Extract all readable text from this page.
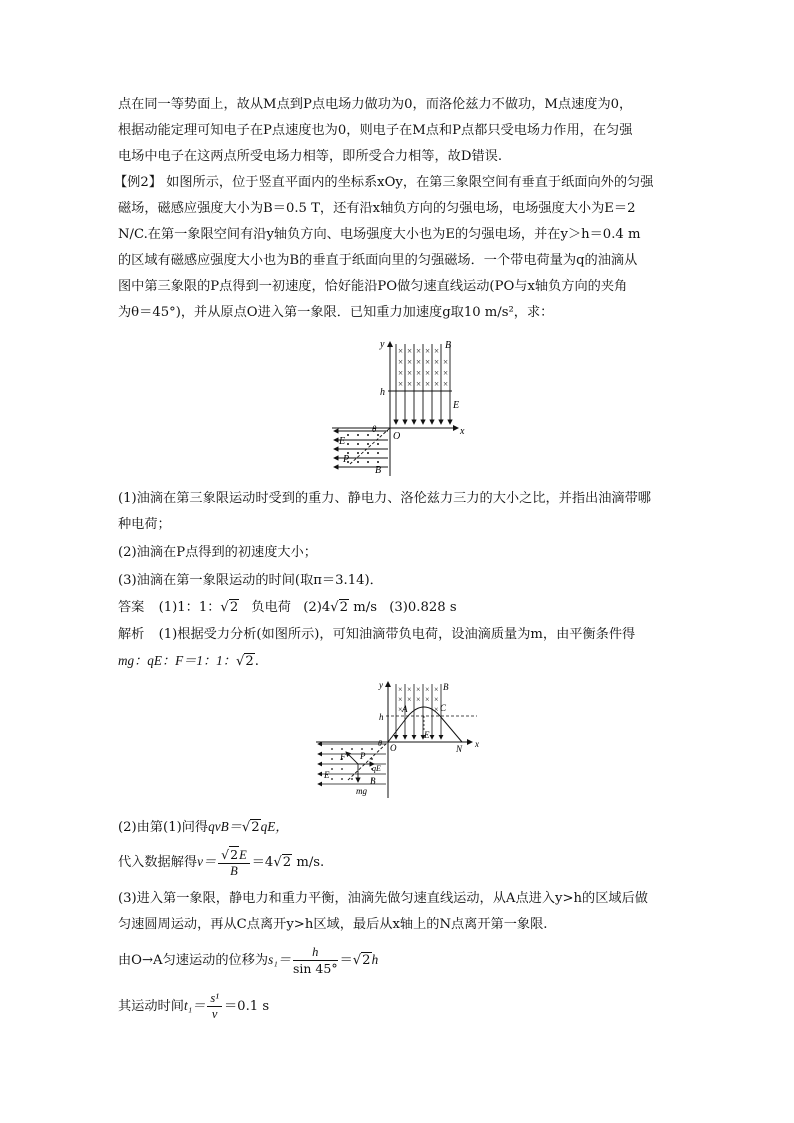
点在同一等势面上，故从M点到P点电场力做功为0，而洛伦兹力不做功，M点速度为0，
根据动能定理可知电子在P点速度也为0，则电子在M点和P点都只受电场力作用，在匀强
电场中电子在这两点所受电场力相等，即所受合力相等，故D错误.
【例2】 如图所示，位于竖直平面内的坐标系xOy，在第三象限空间有垂直于纸面向外的匀强
磁场，磁感应强度大小为B＝0.5 T，还有沿x轴负方向的匀强电场，电场强度大小为E＝2
N/C.在第一象限空间有沿y轴负方向、电场强度大小也为E的匀强电场，并在y＞h＝0.4 m
的区域有磁感应强度大小也为B的垂直于纸面向里的匀强磁场．一个带电荷量为q的油滴从
图中第三象限的P点得到一初速度，恰好能沿PO做匀速直线运动(PO与x轴负方向的夹角
为θ＝45°)，并从原点O进入第一象限．已知重力加速度g取10 m/s²，求：
× × × × ×
× × × × × ×
× × × × × ×
× × × × × ×
y
x
O
h
B
E
E
B
P
θ
(1)油滴在第三象限运动时受到的重力、静电力、洛伦兹力三力的大小之比，并指出油滴带哪
种电荷；
(2)油滴在P点得到的初速度大小；
(3)油滴在第一象限运动的时间(取π＝3.14)．
答案 (1)1：1：√2 负电荷 (2)4√2 m/s (3)0.828 s
解析 (1)根据受力分析(如图所示)，可知油滴带负电荷，设油滴质量为m，由平衡条件得
mg：qE：F＝1：1：√2.
× × × × ×
× × × × ×
×	×
y
x
O
h
B
A	C
E
N
F P
qE
E
B
mg
θ
(2)由第(1)问得qvB＝√2qE，
代入数据解得$v= \frac{√2E}{B} =4√2$ m/s.
(3)进入第一象限，静电力和重力平衡，油滴先做匀速直线运动，从A点进入y>h的区域后做
匀速圆周运动，再从C点离开y>h区域，最后从x轴上的N点离开第一象限.
由O→A匀速运动的位移为$s_1= \frac{h}{\sin 45^\circ} =√2h$
其运动时间$t_1= \frac{\text{s¹}}{v} =0.1$ s
